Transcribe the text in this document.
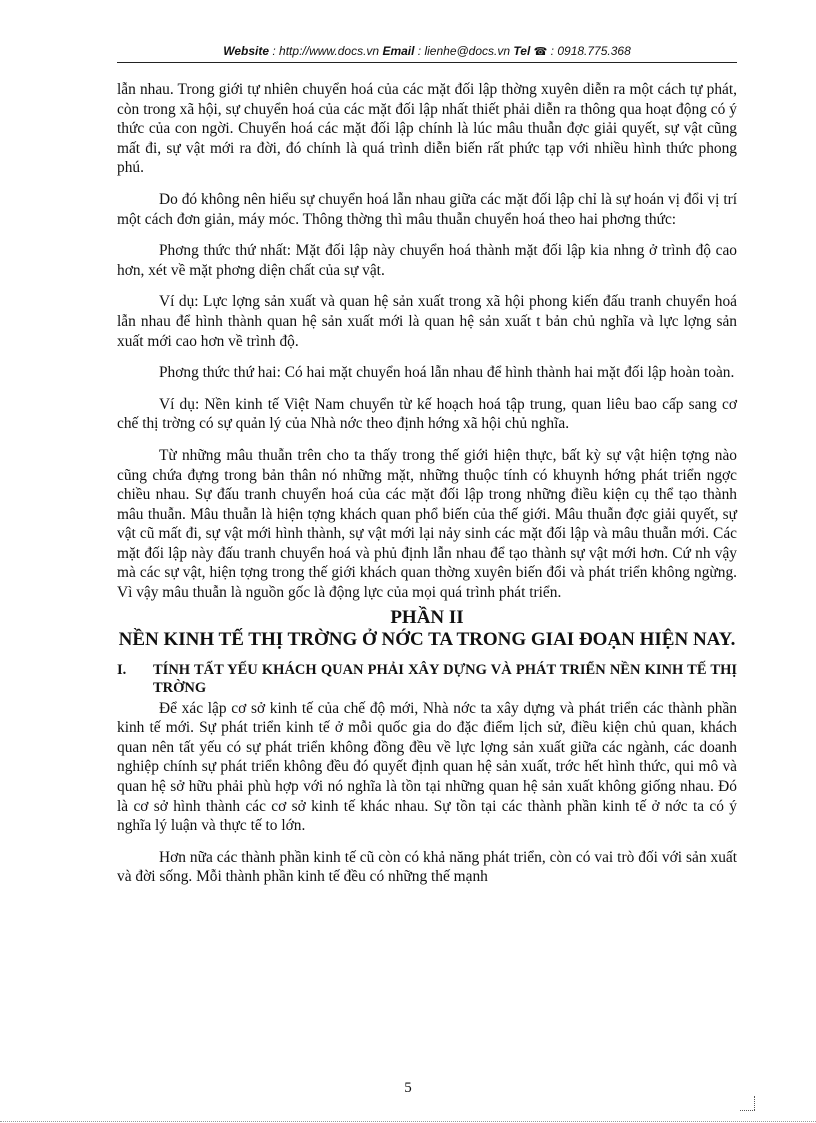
Website : http://www.docs.vn Email : lienhe@docs.vn Tel ☎ : 0918.775.368

lẫn nhau. Trong giới tự nhiên chuyển hoá của các mặt đối lập thờng xuyên diễn ra một cách tự phát, còn trong xã hội, sự chuyển hoá của các mặt đối lập nhất thiết phải diễn ra thông qua hoạt động có ý thức của con ngời. Chuyển hoá các mặt đối lập chính là lúc mâu thuẫn đợc giải quyết, sự vật cũng mất đi, sự vật mới ra đời, đó chính là quá trình diễn biến rất phức tạp với nhiều hình thức phong phú.

Do đó không nên hiểu sự chuyển hoá lẫn nhau giữa các mặt đối lập chỉ là sự hoán vị đổi vị trí một cách đơn giản, máy móc. Thông thờng thì mâu thuẫn chuyển hoá theo hai phơng thức:

Phơng thức thứ nhất: Mặt đối lập này chuyển hoá thành mặt đối lập kia nhng ở trình độ cao hơn, xét về mặt phơng diện chất của sự vật.

Ví dụ: Lực lợng sản xuất và quan hệ sản xuất trong xã hội phong kiến đấu tranh chuyển hoá lẫn nhau để hình thành quan hệ sản xuất mới là quan hệ sản xuất t bản chủ nghĩa và lực lợng sản xuất mới cao hơn về trình độ.

Phơng thức thứ hai: Có hai mặt chuyển hoá lẫn nhau để hình thành hai mặt đối lập hoàn toàn.

Ví dụ: Nền kinh tế Việt Nam chuyển từ kế hoạch hoá tập trung, quan liêu bao cấp sang cơ chế thị trờng có sự quản lý của Nhà nớc theo định hớng xã hội chủ nghĩa.

Từ những mâu thuẫn trên cho ta thấy trong thế giới hiện thực, bất kỳ sự vật hiện tợng nào cũng chứa đựng trong bản thân nó những mặt, những thuộc tính có khuynh hớng phát triển ngợc chiều nhau. Sự đấu tranh chuyển hoá của các mặt đối lập trong những điều kiện cụ thể tạo thành mâu thuẫn. Mâu thuẫn là hiện tợng khách quan phổ biến của thế giới. Mâu thuẫn đợc giải quyết, sự vật cũ mất đi, sự vật mới hình thành, sự vật mới lại nảy sinh các mặt đối lập và mâu thuẫn mới. Các mặt đối lập này đấu tranh chuyển hoá và phủ định lẫn nhau để tạo thành sự vật mới hơn. Cứ nh vậy mà các sự vật, hiện tợng trong thế giới khách quan thờng xuyên biến đổi và phát triển không ngừng. Vì vậy mâu thuẫn là nguồn gốc là động lực của mọi quá trình phát triển.

PHẦN II
NỀN KINH TẾ THỊ TRỜNG Ở NỚC TA TRONG GIAI ĐOẠN HIỆN NAY.
I.	TÍNH TẤT YẾU KHÁCH QUAN PHẢI XÂY DỰNG VÀ PHÁT TRIỂN NỀN KINH TẾ THỊ TRỜNG

Để xác lập cơ sở kinh tế của chế độ mới, Nhà nớc ta xây dựng và phát triển các thành phần kinh tế mới. Sự phát triển kinh tế ở mỗi quốc gia do đặc điểm lịch sử, điều kiện chủ quan, khách quan nên tất yếu có sự phát triển không đồng đều về lực lợng sản xuất giữa các ngành, các doanh nghiệp chính sự phát triển không đều đó quyết định quan hệ sản xuất, trớc hết hình thức, qui mô và quan hệ sở hữu phải phù hợp với nó nghĩa là tồn tại những quan hệ sản xuất không giống nhau. Đó là cơ sở hình thành các cơ sở kinh tế khác nhau. Sự tồn tại các thành phần kinh tế ở nớc ta có ý nghĩa lý luận và thực tế to lớn.

Hơn nữa các thành phần kinh tế cũ còn có khả năng phát triển, còn có vai trò đối với sản xuất và đời sống. Mỗi thành phần kinh tế đều có những thế mạnh

5
